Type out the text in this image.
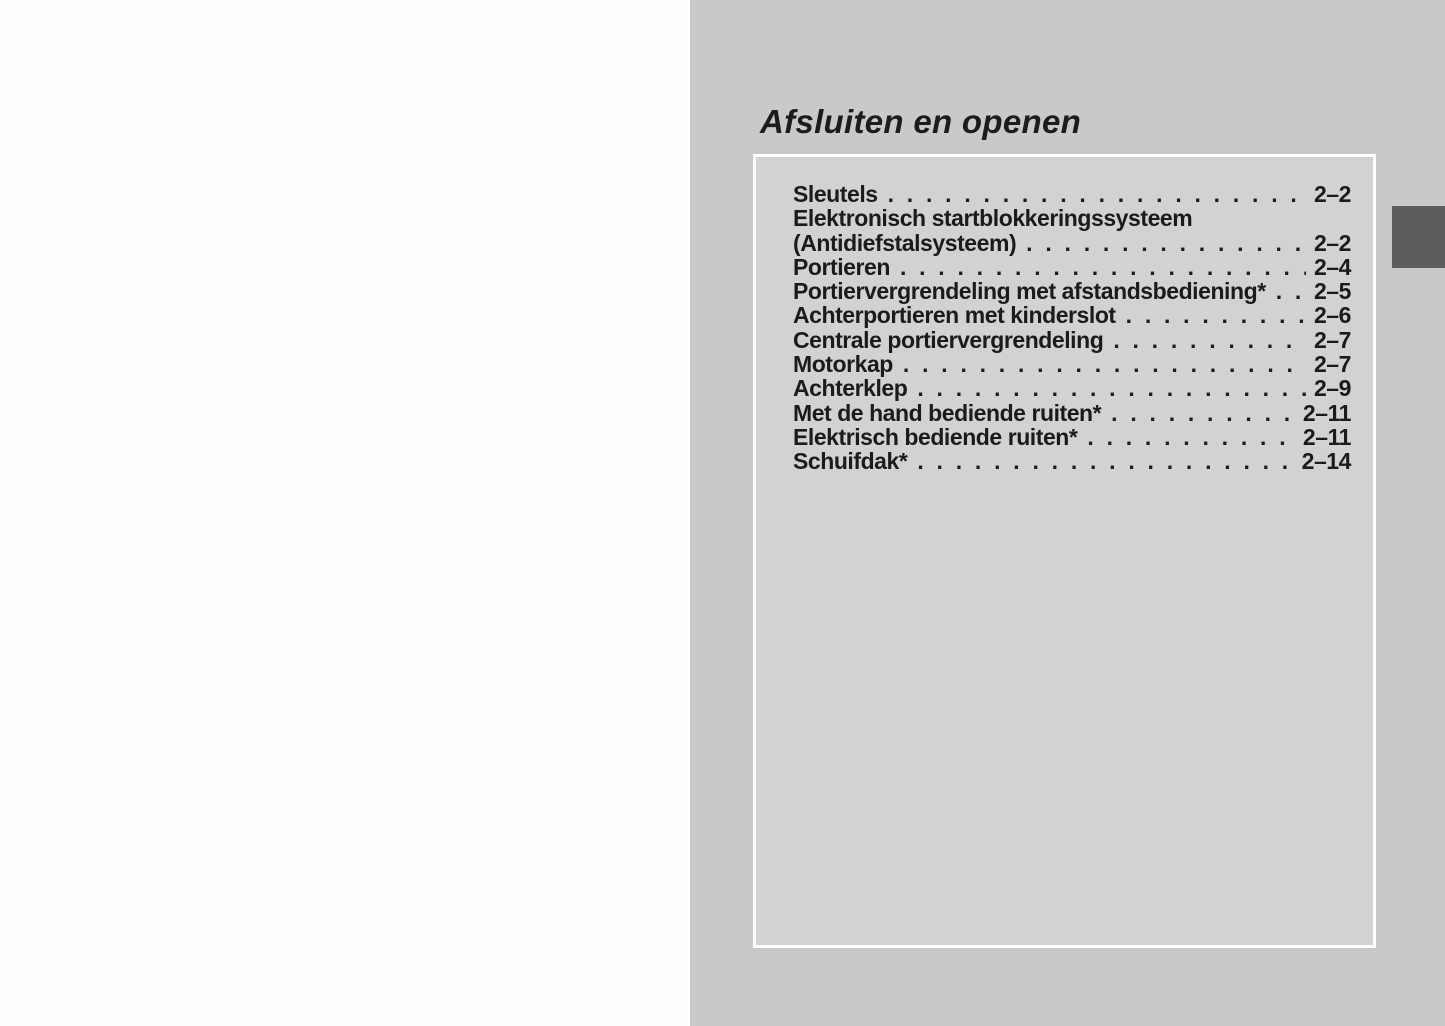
Afsluiten en openen
Sleutels . . .	2–2
Elektronisch startblokkeringssysteem
(Antidiefstalsysteem) . . .	2–2
Portieren . . .	2–4
Portiervergrendeling met afstandsbediening* . . . 2–5
Achterportieren met kinderslot . . .	2–6
Centrale portiervergrendeling . . .	2–7
Motorkap . . .	2–7
Achterklep . . .	2–9
Met de hand bediende ruiten* . . .	2–11
Elektrisch bediende ruiten* . . .	2–11
Schuifdak* . . .	2–14
